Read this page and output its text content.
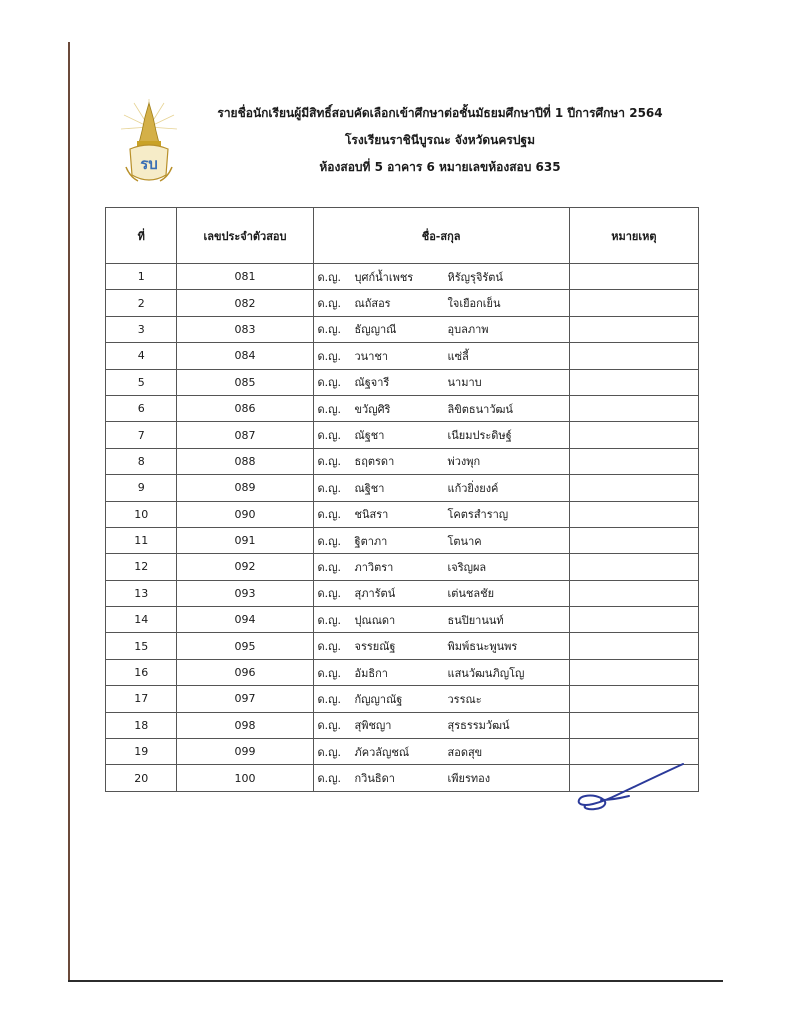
รบ
รายชื่อนักเรียนผู้มีสิทธิ์สอบคัดเลือกเข้าศึกษาต่อชั้นมัธยมศึกษาปีที่ 1 ปีการศึกษา 2564
โรงเรียนราชินีบูรณะ จังหวัดนครปฐม
ห้องสอบที่ 5 อาคาร 6 หมายเลขห้องสอบ 635
ที่	เลขประจำตัวสอบ	ชื่อ-สกุล	หมายเหตุ
1	081	ด.ญ. บุศก์น้ำเพชร หิรัญรุจิรัตน์	

2	082	ด.ญ. ณถัสอร ใจเยือกเย็น	

3	083	ด.ญ. ธัญญาณี อุบลภาพ	

4	084	ด.ญ. วนาชา แซ่ลี้	

5	085	ด.ญ. ณัฐจารี นามาบ	

6	086	ด.ญ. ขวัญศิริ ลิขิตธนาวัฒน์	

7	087	ด.ญ. ณัฐชา เนียมประดิษฐ์	

8	088	ด.ญ. ธฤตรดา พ่วงพุก	

9	089	ด.ญ. ณฐิชา แก้วยิ่งยงค์	

10	090	ด.ญ. ชนิสรา โคตรสำราญ	

11	091	ด.ญ. ฐิตาภา โตนาค	

12	092	ด.ญ. ภาวิตรา เจริญผล	

13	093	ด.ญ. สุภารัตน์ เต่นชลชัย	

14	094	ด.ญ. ปุณณดา ธนปิยานนท์	

15	095	ด.ญ. จรรยณัฐ พิมพ์ธนะพูนพร	

16	096	ด.ญ. อัมธิกา แสนวัฒนภิญโญ	

17	097	ด.ญ. กัญญาณัฐ วรรณะ	

18	098	ด.ญ. สุพิชญา สุรธรรมวัฒน์	

19	099	ด.ญ. ภัควลัญชณ์ สอดสุข	

20	100	ด.ญ. กวินธิดา เพียรทอง	
